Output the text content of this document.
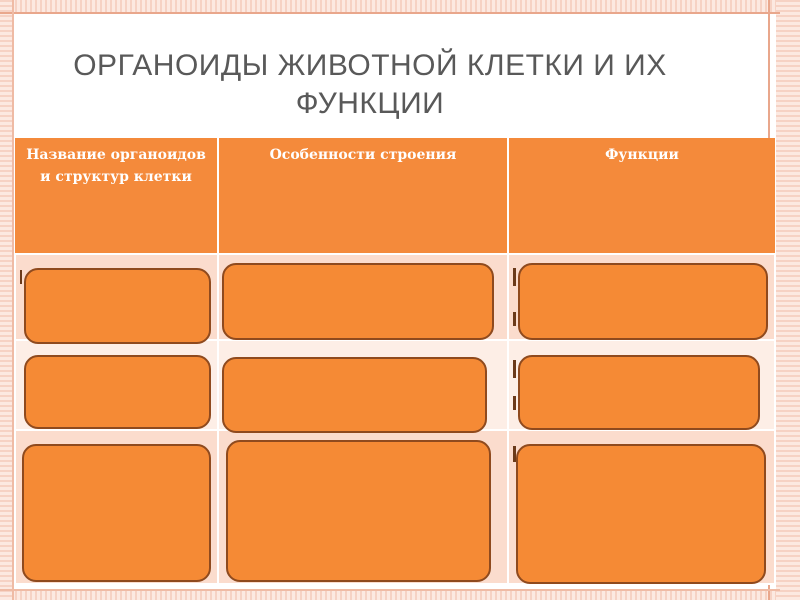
ОРГАНОИДЫ ЖИВОТНОЙ КЛЕТКИ И ИХ ФУНКЦИИ
Название органоидов и структур клетки	Особенности строения	Функции
